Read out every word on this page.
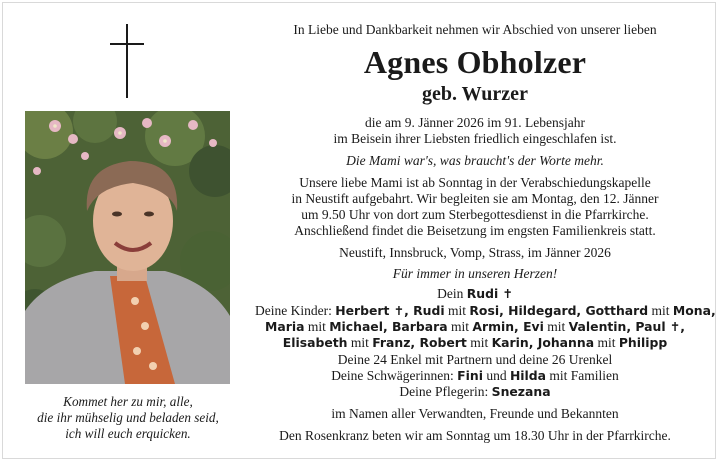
Kommet her zu mir, alle,
die ihr mühselig und beladen seid,
ich will euch erquicken.
In Liebe und Dankbarkeit nehmen wir Abschied von unserer lieben
Agnes Obholzer
geb. Wurzer
die am 9. Jänner 2026 im 91. Lebensjahr
im Beisein ihrer Liebsten friedlich eingeschlafen ist.
Die Mami war's, was braucht's der Worte mehr.
Unsere liebe Mami ist ab Sonntag in der Verabschiedungskapelle
in Neustift aufgebahrt. Wir begleiten sie am Montag, den 12. Jänner
um 9.50 Uhr von dort zum Sterbegottesdienst in die Pfarrkirche.
Anschließend findet die Beisetzung im engsten Familienkreis statt.
Neustift, Innsbruck, Vomp, Strass, im Jänner 2026
Für immer in unseren Herzen!
Dein Rudi ✝
Deine Kinder: Herbert ✝, Rudi mit Rosi, Hildegard, Gotthard mit Mona,
Maria mit Michael, Barbara mit Armin, Evi mit Valentin, Paul ✝,
Elisabeth mit Franz, Robert mit Karin, Johanna mit Philipp
Deine 24 Enkel mit Partnern und deine 26 Urenkel
Deine Schwägerinnen: Fini und Hilda mit Familien
Deine Pflegerin: Snezana
im Namen aller Verwandten, Freunde und Bekannten
Den Rosenkranz beten wir am Sonntag um 18.30 Uhr in der Pfarrkirche.
